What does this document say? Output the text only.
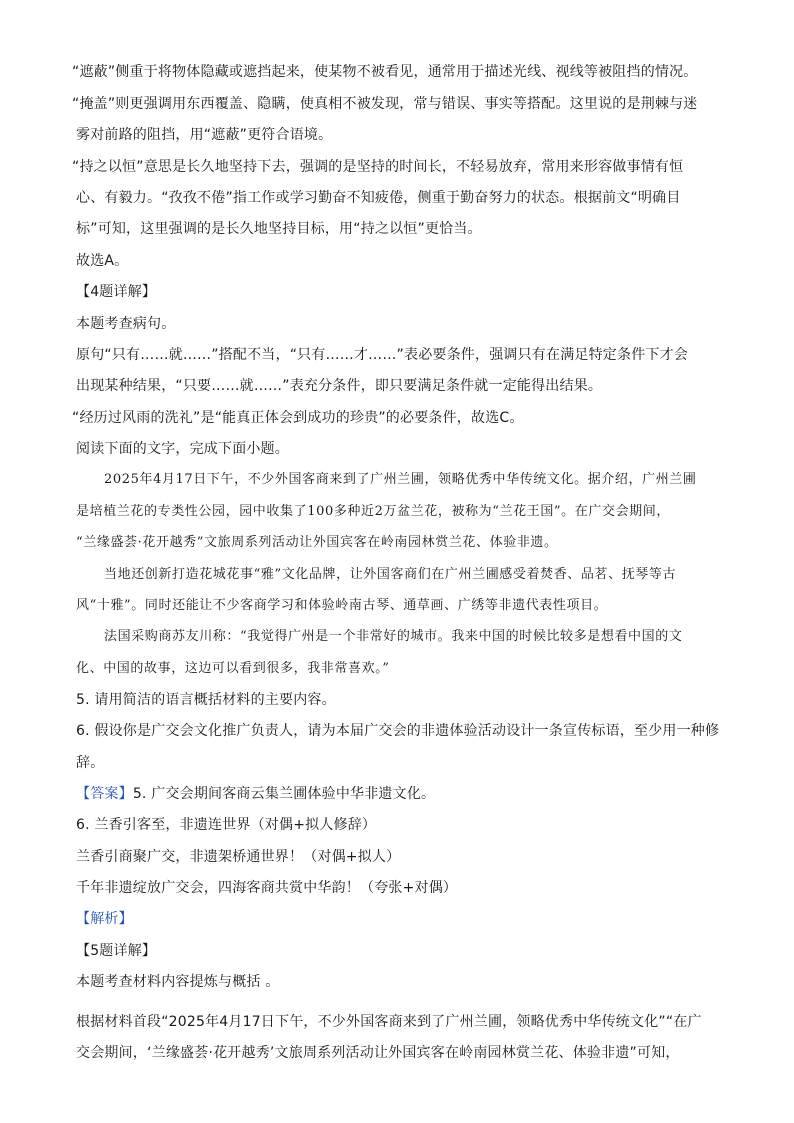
“遮蔽”侧重于将物体隐藏或遮挡起来，使某物不被看见，通常用于描述光线、视线等被阻挡的情况。
“掩盖”则更强调用东西覆盖、隐瞒，使真相不被发现，常与错误、事实等搭配。这里说的是荆棘与迷
雾对前路的阻挡，用“遮蔽”更符合语境。
“持之以恒”意思是长久地坚持下去，强调的是坚持的时间长，不轻易放弃，常用来形容做事情有恒
心、有毅力。“孜孜不倦”指工作或学习勤奋不知疲倦，侧重于勤奋努力的状态。根据前文“明确目
标”可知，这里强调的是长久地坚持目标，用“持之以恒”更恰当。
故选A。
【4题详解】
本题考查病句。
原句“只有……就……”搭配不当，“只有……才……”表必要条件，强调只有在满足特定条件下才会
出现某种结果，“只要……就……”表充分条件，即只要满足条件就一定能得出结果。
“经历过风雨的洗礼”是“能真正体会到成功的珍贵”的必要条件，故选C。
阅读下面的文字，完成下面小题。
2025年4月17日下午，不少外国客商来到了广州兰圃，领略优秀中华传统文化。据介绍，广州兰圃
是培植兰花的专类性公园，园中收集了100多种近2万盆兰花，被称为“兰花王国”。在广交会期间，
“兰缘盛荟·花开越秀”文旅周系列活动让外国宾客在岭南园林赏兰花、体验非遗。
当地还创新打造花城花事“雅”文化品牌，让外国客商们在广州兰圃感受着焚香、品茗、抚琴等古
风“十雅”。同时还能让不少客商学习和体验岭南古琴、通草画、广绣等非遗代表性项目。
法国采购商苏友川称：“我觉得广州是一个非常好的城市。我来中国的时候比较多是想看中国的文
化、中国的故事，这边可以看到很多，我非常喜欢。”
5. 请用简洁的语言概括材料的主要内容。
6. 假设你是广交会文化推广负责人，请为本届广交会的非遗体验活动设计一条宣传标语，至少用一种修
辞。
【答案】5. 广交会期间客商云集兰圃体验中华非遗文化。
6. 兰香引客至，非遗连世界（对偶+拟人修辞）
兰香引商聚广交，非遗架桥通世界！（对偶+拟人）
千年非遗绽放广交会，四海客商共赏中华韵！（夸张+对偶）
【解析】
【5题详解】
本题考查材料内容提炼与概括 。
根据材料首段“2025年4月17日下午，不少外国客商来到了广州兰圃，领略优秀中华传统文化”“在广
交会期间，‘兰缘盛荟·花开越秀’文旅周系列活动让外国宾客在岭南园林赏兰花、体验非遗”可知，
